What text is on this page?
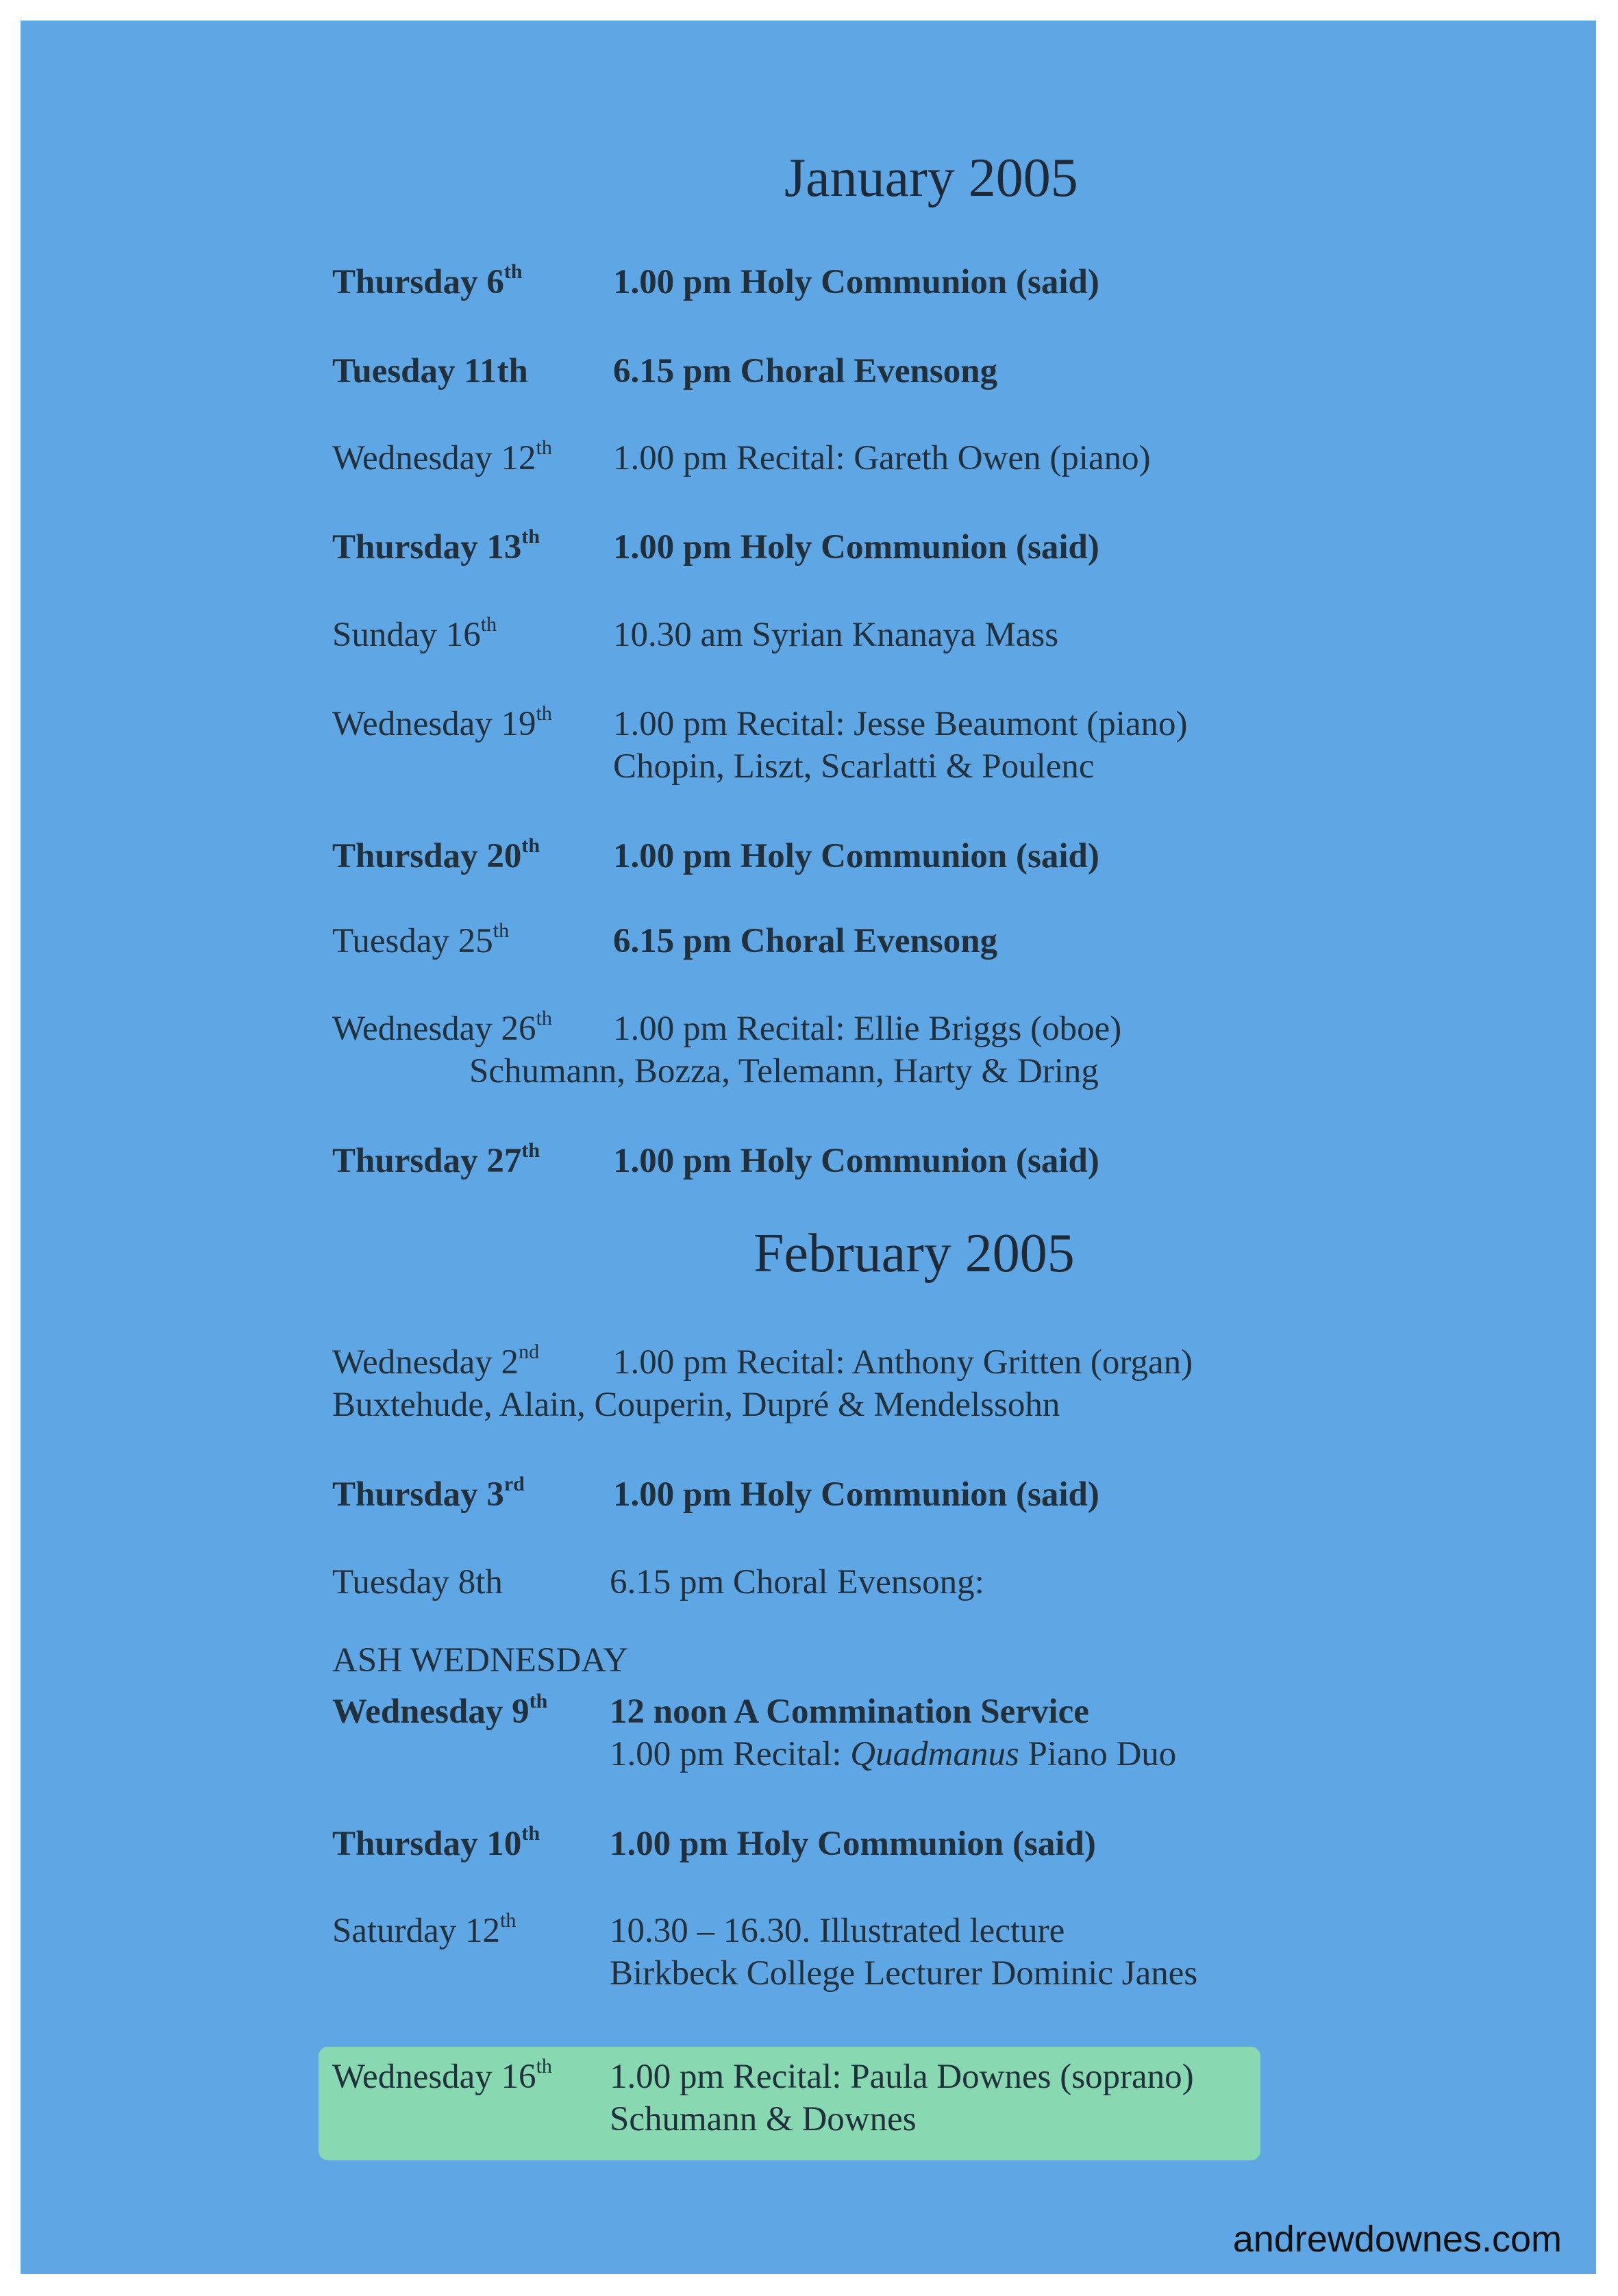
January 2005
Thursday 6th	1.00 pm Holy Communion (said)
Tuesday 11th 6.15 pm Choral Evensong
Wednesday 12th 1.00 pm Recital: Gareth Owen (piano)
Thursday 13th 1.00 pm Holy Communion (said)
Sunday 16th	10.30 am Syrian Knanaya Mass
Wednesday 19th 1.00 pm Recital: Jesse Beaumont (piano)
Chopin, Liszt, Scarlatti & Poulenc
Thursday 20th 1.00 pm Holy Communion (said)
Tuesday 25th	6.15 pm Choral Evensong
Wednesday 26th 1.00 pm Recital: Ellie Briggs (oboe)
Schumann, Bozza, Telemann, Harty & Dring
Thursday 27th 1.00 pm Holy Communion (said)
February 2005
Wednesday 2nd 1.00 pm Recital: Anthony Gritten (organ)
Buxtehude, Alain, Couperin, Dupré & Mendelssohn
Thursday 3rd	1.00 pm Holy Communion (said)
Tuesday 8th	6.15 pm Choral Evensong:
ASH WEDNESDAY
Wednesday 9th 12 noon A Commination Service
1.00 pm Recital: Quadmanus Piano Duo
Thursday 10th 1.00 pm Holy Communion (said)
Saturday 12th	10.30 – 16.30. Illustrated lecture
Birkbeck College Lecturer Dominic Janes
Wednesday 16th 1.00 pm Recital: Paula Downes (soprano)
Schumann & Downes
andrewdownes.com
